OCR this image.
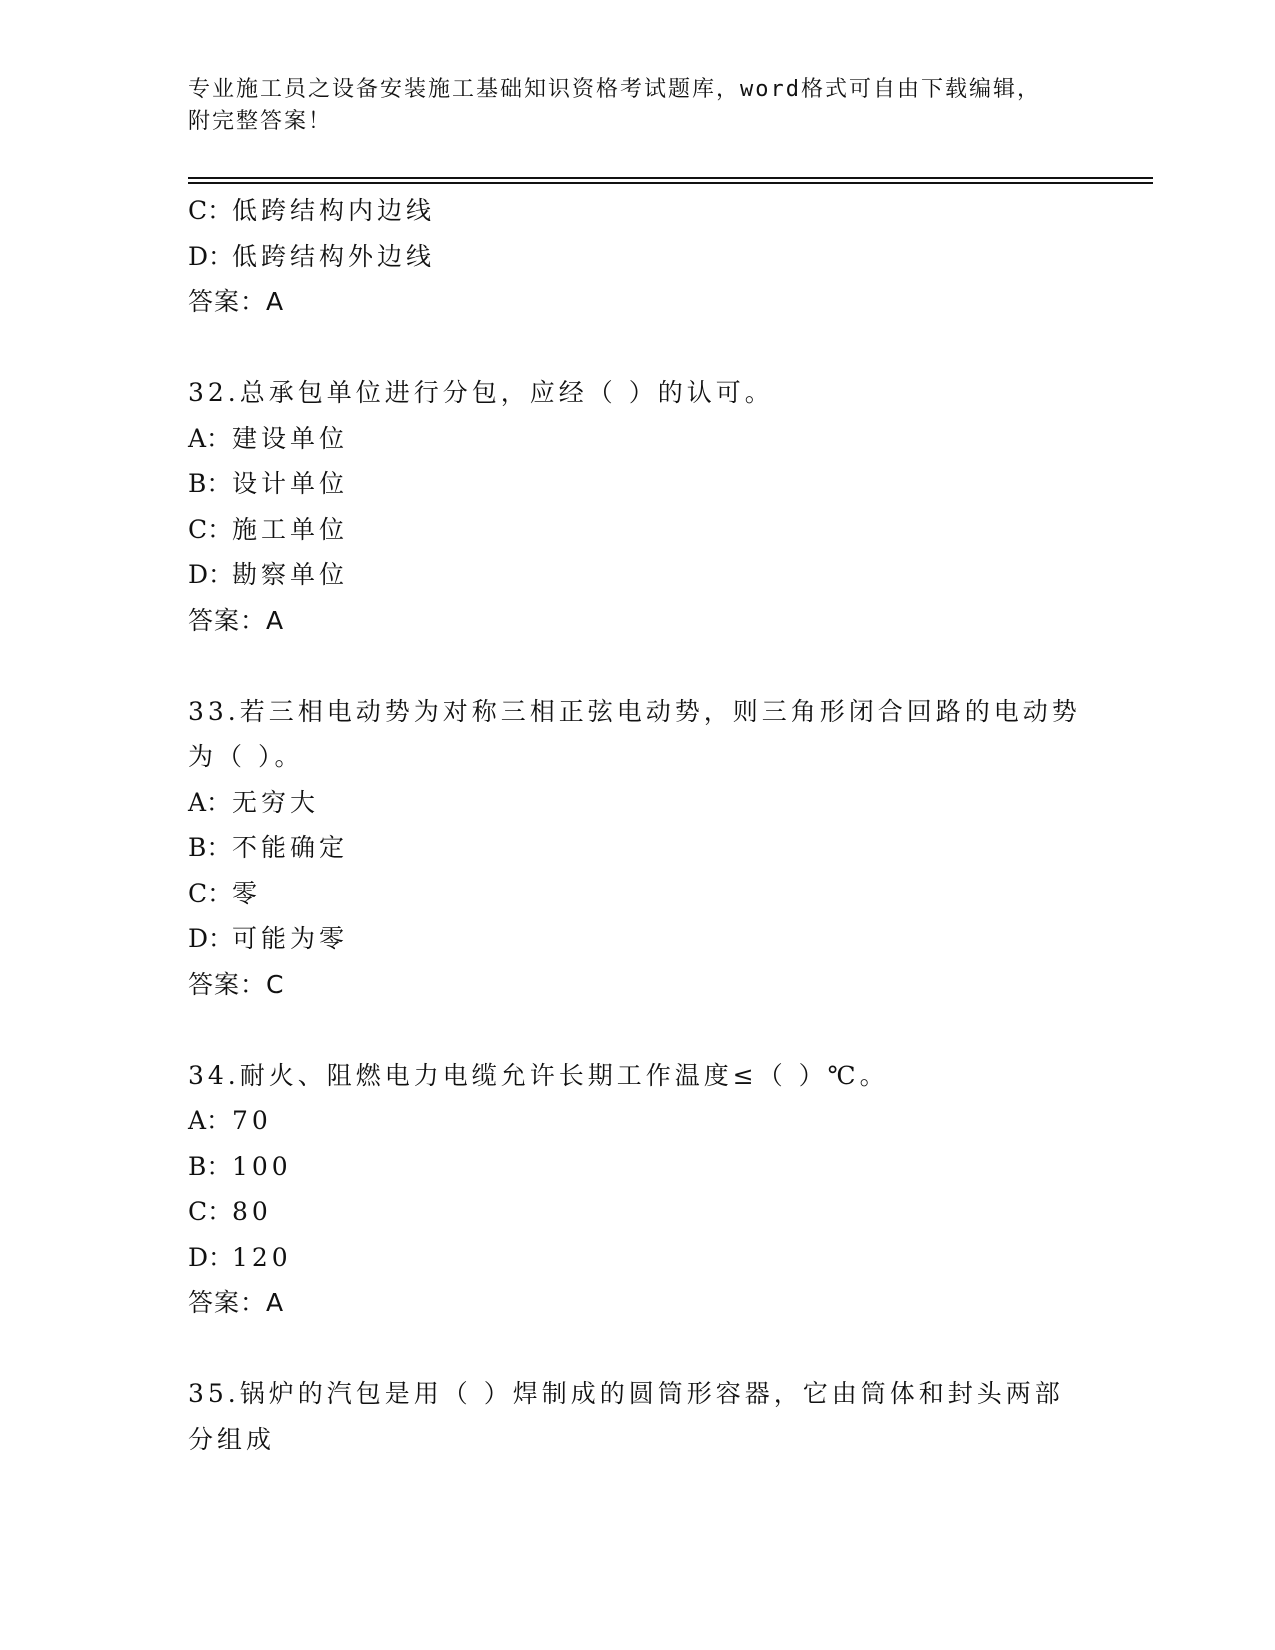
专业施工员之设备安装施工基础知识资格考试题库，word格式可自由下载编辑，
附完整答案！
C：低跨结构内边线
D：低跨结构外边线
答案：A
32.总承包单位进行分包，应经（ ）的认可。
A：建设单位
B：设计单位
C：施工单位
D：勘察单位
答案：A
33.若三相电动势为对称三相正弦电动势，则三角形闭合回路的电动势
为（ ）。
A：无穷大
B：不能确定
C：零
D：可能为零
答案：C
34.耐火、阻燃电力电缆允许长期工作温度≤（ ）℃。
A：70
B：100
C：80
D：120
答案：A
35.锅炉的汽包是用（ ）焊制成的圆筒形容器，它由筒体和封头两部
分组成
